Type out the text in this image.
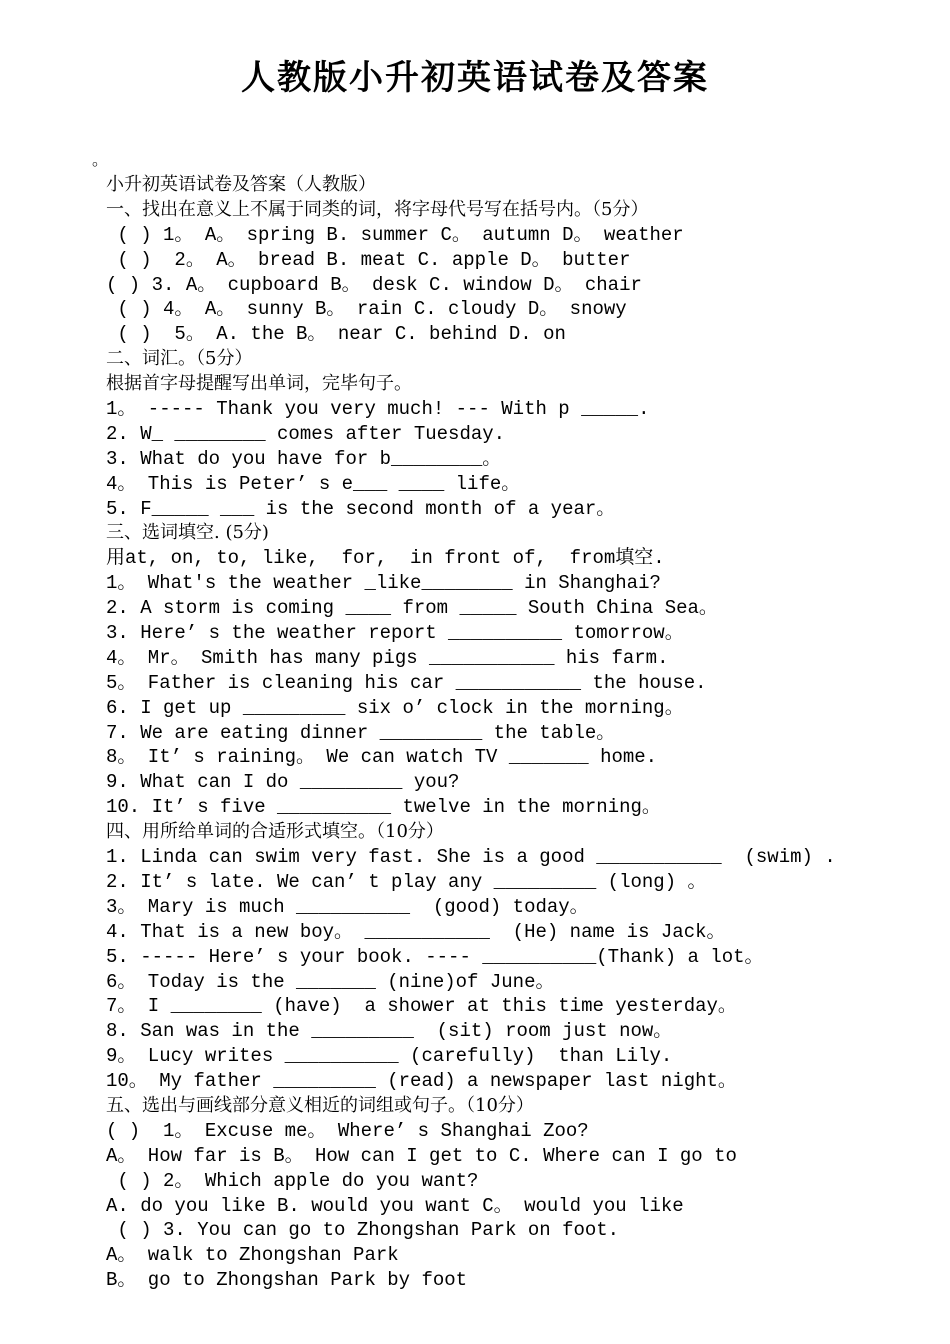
人教版小升初英语试卷及答案
。
小升初英语试卷及答案（人教版）
一、找出在意义上不属于同类的词，将字母代号写在括号内。（5分）
( ) 1。 A。 spring B. summer C。 autumn D。 weather
( )  2。 A。 bread B. meat C. apple D。 butter
( ) 3. A。 cupboard B。 desk C. window D。 chair
( ) 4。 A。 sunny B。 rain C. cloudy D。 snowy
( )  5。 A. the B。 near C. behind D. on
二、词汇。（5分）
根据首字母提醒写出单词，完毕句子。
1。 ----- Thank you very much! --- With p _____.
2. W_ ________ comes after Tuesday.
3. What do you have for b________。
4。 This is Peter’ s e___ ____ life。
5. F_____ ___ is the second month of a year。
三、选词填空. (5分)
用at, on, to, like,  for,  in front of,  from填空.
1。 What's the weather _like________ in Shanghai?
2. A storm is coming ____ from _____ South China Sea。
3. Here’ s the weather report __________ tomorrow。
4。 Mr。 Smith has many pigs ___________ his farm.
5。 Father is cleaning his car ___________ the house.
6. I get up _________ six o’ clock in the morning。
7. We are eating dinner _________ the table。
8。 It’ s raining。 We can watch TV _______ home.
9. What can I do _________ you?
10. It’ s five __________ twelve in the morning。
四、用所给单词的合适形式填空。（10分）
1. Linda can swim very fast. She is a good ___________  (swim) .
2. It’ s late. We can’ t play any _________ (long) 。
3。 Mary is much __________  (good) today。
4. That is a new boy。 ___________  (He) name is Jack。
5. ----- Here’ s your book. ---- __________(Thank) a lot。
6。 Today is the _______ (nine)of June。
7。 I ________ (have)  a shower at this time yesterday。
8. San was in the _________  (sit) room just now。
9。 Lucy writes __________ (carefully)  than Lily.
10。 My father _________ (read) a newspaper last night。
五、选出与画线部分意义相近的词组或句子。（10分）
( )  1。 Excuse me。 Where’ s Shanghai Zoo?
A。 How far is B。 How can I get to C. Where can I go to
( ) 2。 Which apple do you want?
A. do you like B. would you want C。 would you like
( ) 3. You can go to Zhongshan Park on foot.
A。 walk to Zhongshan Park
B。 go to Zhongshan Park by foot
